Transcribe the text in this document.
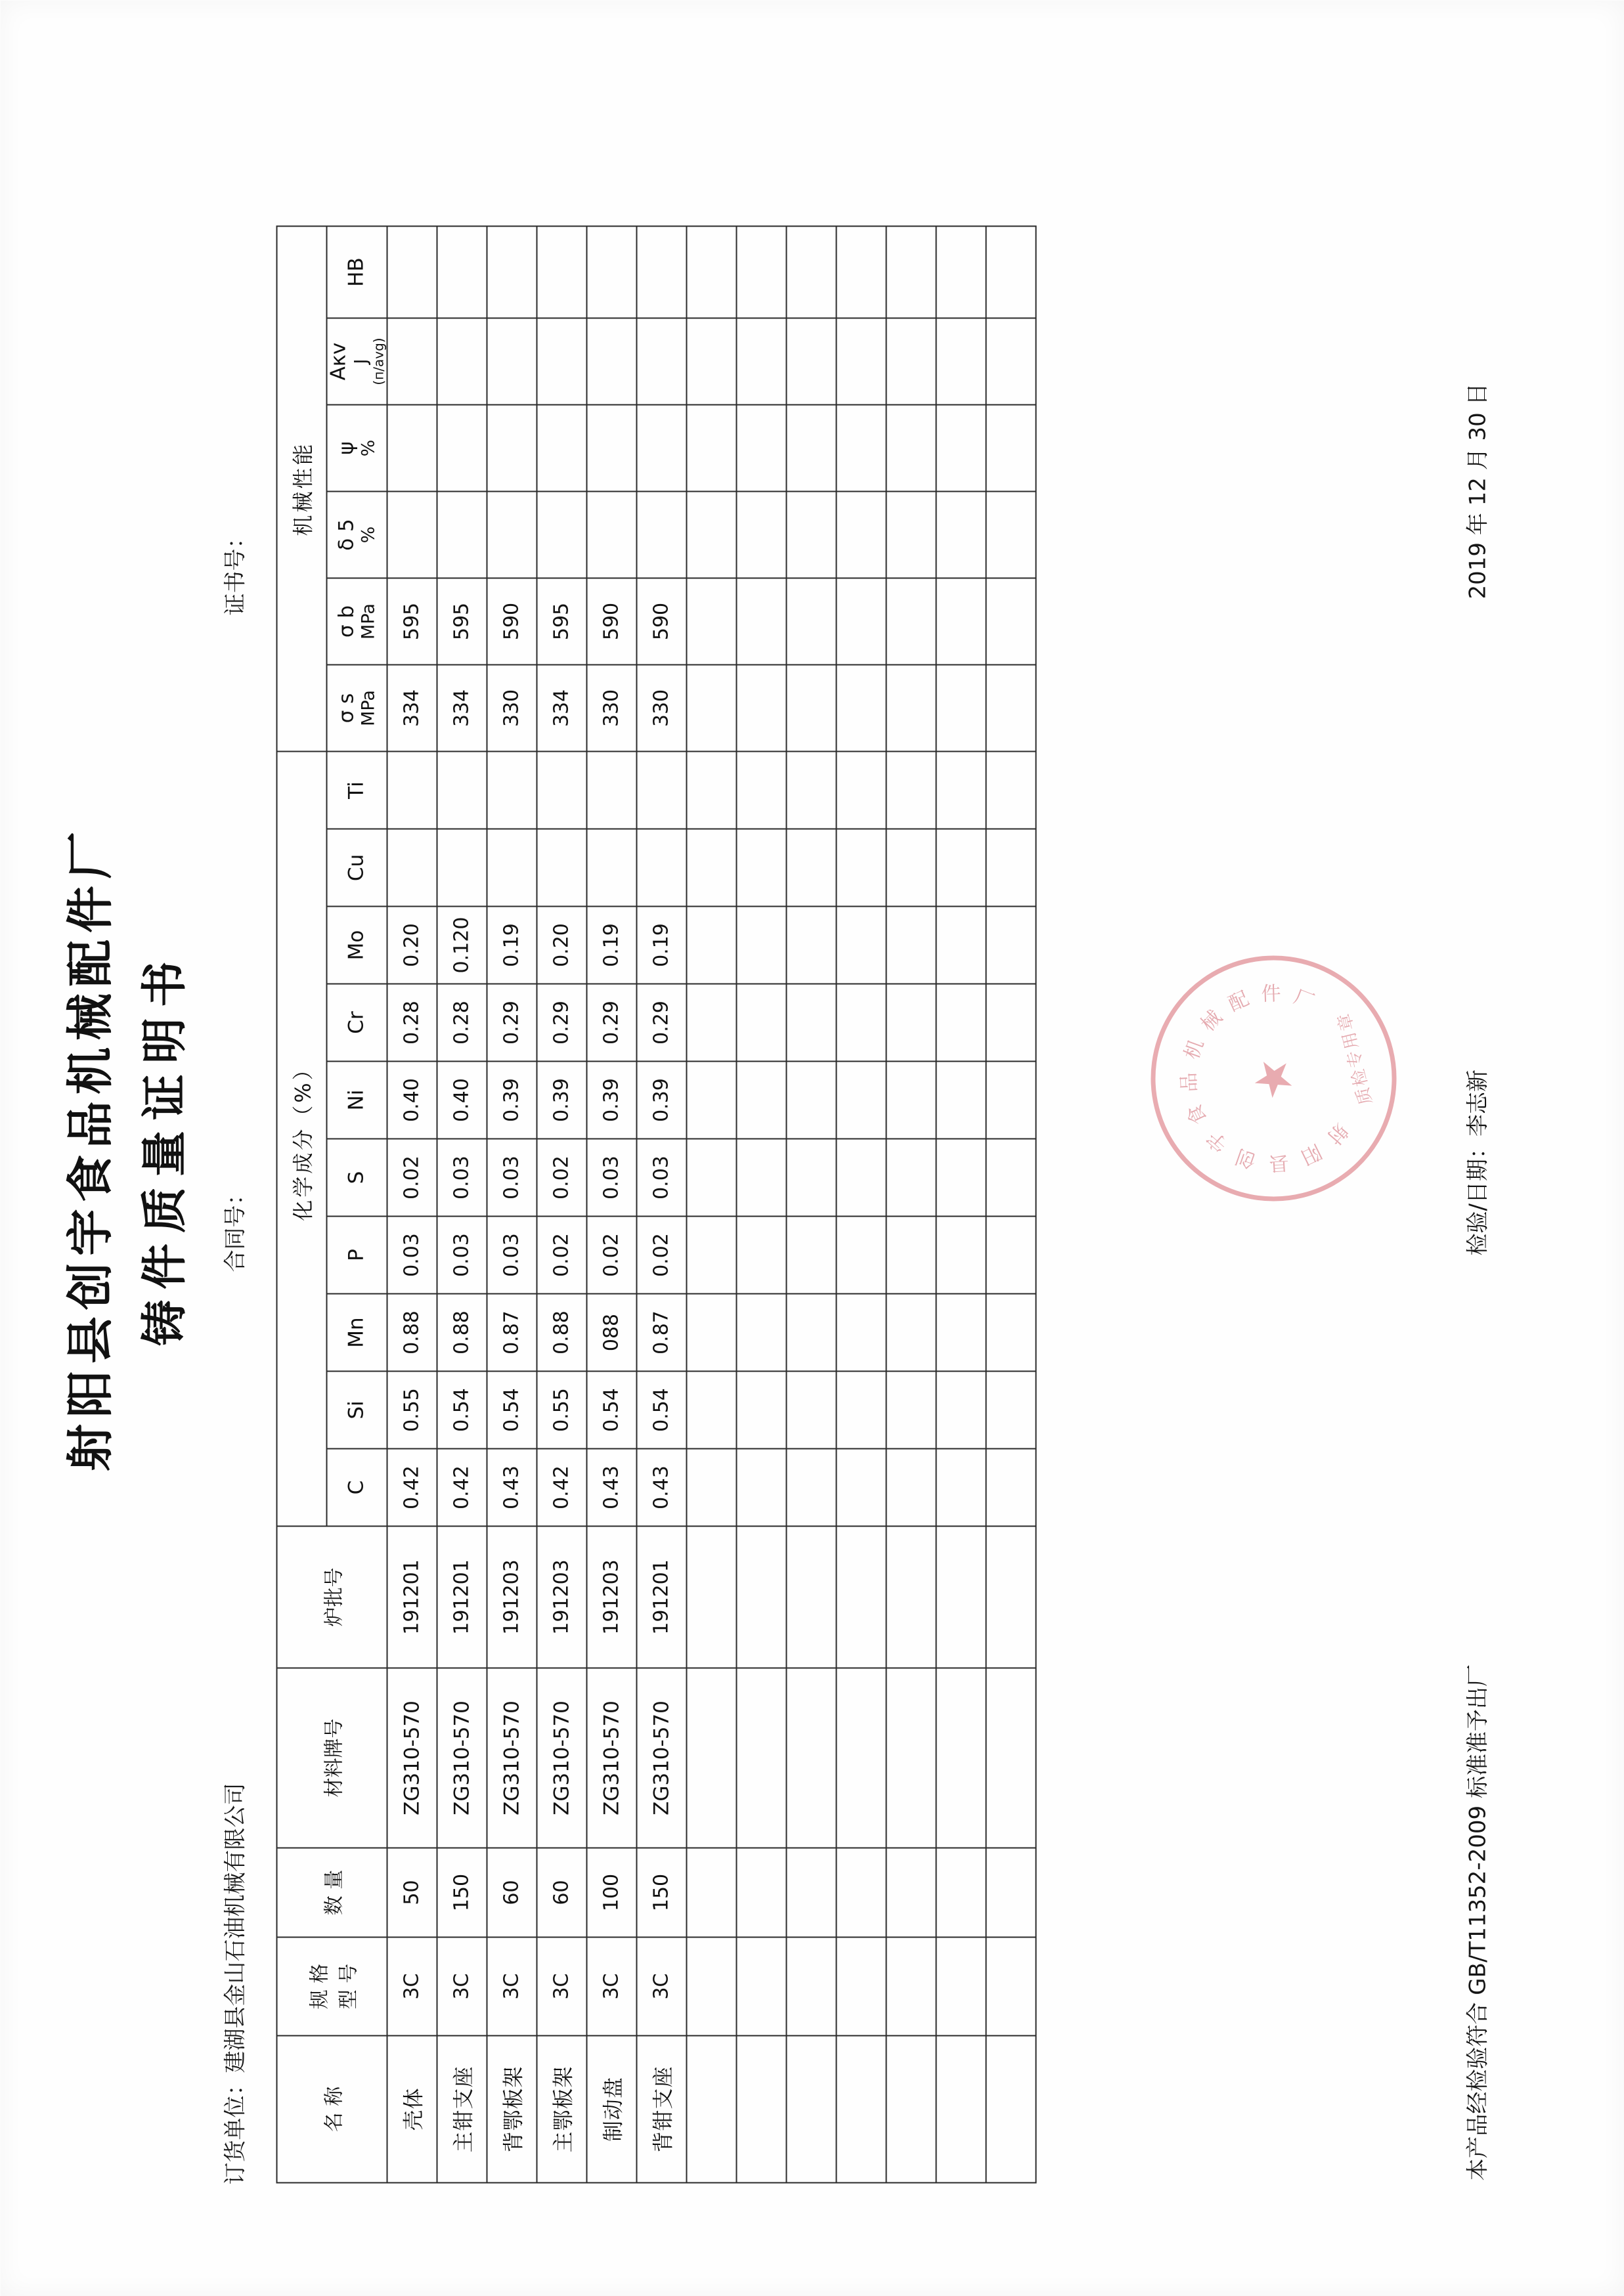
射阳县创宇食品机械配件厂 铸件质量证明书
订货单位：建湖县金山石油机械有限公司
合同号：
证书号：
名 称	规 格 型 号	数 量	材料牌号	炉批号	化学成分（%）										机械性能					
					C	Si	Mn	P	S	Ni	Cr	Mo	Cu	Ti	σ s MPa	σ b MPa	δ 5 %	ψ %	Aκv J (п/avg)	HB
壳体	3C	50	ZG310-570	191201	0.42	0.55	0.88	0.03	0.02	0.40	0.28	0.20			334	595				
主钳支座	3C	150	ZG310-570	191201	0.42	0.54	0.88	0.03	0.03	0.40	0.28	0.120			334	595				
背鄂板架	3C	60	ZG310-570	191203	0.43	0.54	0.87	0.03	0.03	0.39	0.29	0.19			330	590				
主鄂板架	3C	60	ZG310-570	191203	0.42	0.55	0.88	0.02	0.02	0.39	0.29	0.20			334	595				
制动盘	3C	100	ZG310-570	191203	0.43	0.54	088	0.02	0.03	0.39	0.29	0.19			330	590				
背钳支座	3C	150	ZG310-570	191201	0.43	0.54	0.87	0.02	0.03	0.39	0.29	0.19			330	590				

射
阳
县
创
宇
食
品
机
械
配 件 厂
★ 质检专用章
本产品经检验符合 GB/T11352-2009 标准准予出厂
检验/日期：李志新
2019 年 12 月 30 日
